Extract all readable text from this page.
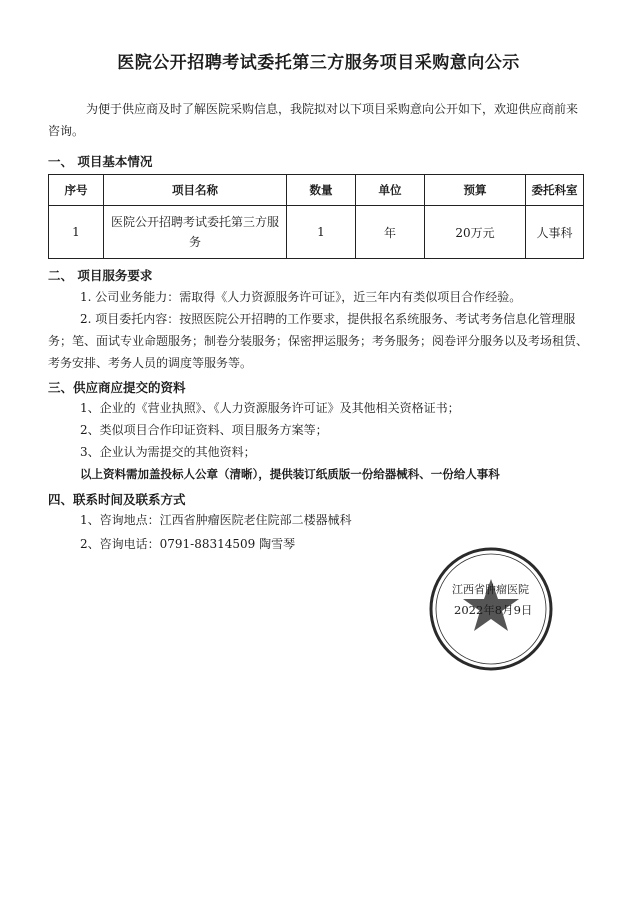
医院公开招聘考试委托第三方服务项目采购意向公示
为便于供应商及时了解医院采购信息，我院拟对以下项目采购意向公开如下，欢迎供应商前来咨询。
一、 项目基本情况
序号	项目名称	数量	单位	预算	委托科室
1	医院公开招聘考试委托第三方服务	1	年	20万元	人事科
二、 项目服务要求
1. 公司业务能力：需取得《人力资源服务许可证》，近三年内有类似项目合作经验。
2. 项目委托内容：按照医院公开招聘的工作要求，提供报名系统服务、考试考务信息化管理服务；笔、面试专业命题服务；制卷分装服务；保密押运服务；考务服务；阅卷评分服务以及考场租赁、考务安排、考务人员的调度等服务等。
三、供应商应提交的资料
1、企业的《营业执照》、《人力资源服务许可证》及其他相关资格证书；
2、类似项目合作印证资料、项目服务方案等；
3、企业认为需提交的其他资料；
以上资料需加盖投标人公章（清晰），提供装订纸质版一份给器械科、一份给人事科
四、联系时间及联系方式
1、咨询地点：江西省肿瘤医院老住院部二楼器械科
2、咨询电话：0791-88314509 陶雪琴
江西省肿瘤医院
2022年8月9日
